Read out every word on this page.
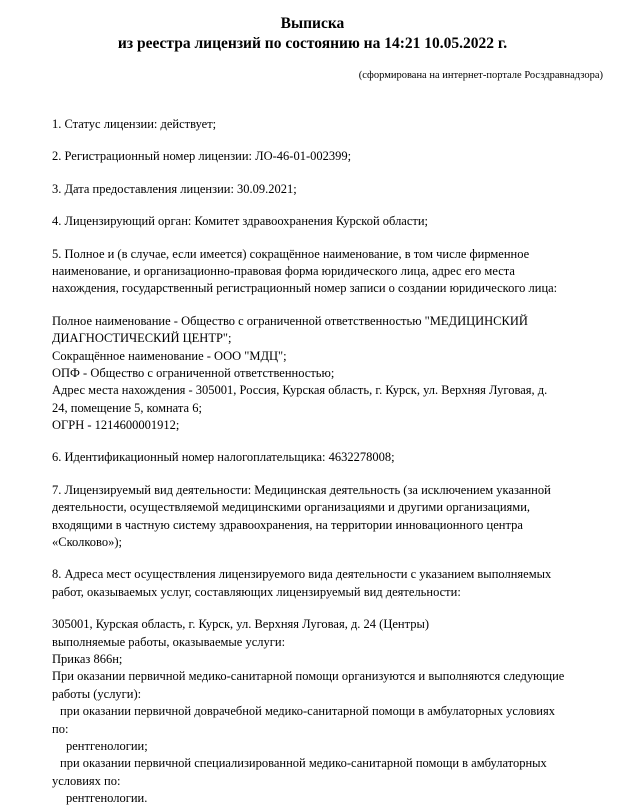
Выписка
из реестра лицензий по состоянию на 14:21 10.05.2022 г.
(сформирована на интернет-портале Росздравнадзора)
1. Статус лицензии: действует;
2. Регистрационный номер лицензии: ЛО-46-01-002399;
3. Дата предоставления лицензии: 30.09.2021;
4. Лицензирующий орган: Комитет здравоохранения Курской области;
5. Полное и (в случае, если имеется) сокращённое наименование, в том числе фирменное
наименование, и организационно-правовая форма юридического лица, адрес его места
нахождения, государственный регистрационный номер записи о создании юридического лица:
Полное наименование - Общество с ограниченной ответственностью "МЕДИЦИНСКИЙ
ДИАГНОСТИЧЕСКИЙ ЦЕНТР";
Сокращённое наименование - ООО "МДЦ";
ОПФ - Общество с ограниченной ответственностью;
Адрес места нахождения - 305001, Россия, Курская область, г. Курск, ул. Верхняя Луговая, д.
24, помещение 5, комната 6;
ОГРН - 1214600001912;
6. Идентификационный номер налогоплательщика: 4632278008;
7. Лицензируемый вид деятельности: Медицинская деятельность (за исключением указанной
деятельности, осуществляемой медицинскими организациями и другими организациями,
входящими в частную систему здравоохранения, на территории инновационного центра
«Сколково»);
8. Адреса мест осуществления лицензируемого вида деятельности с указанием выполняемых
работ, оказываемых услуг, составляющих лицензируемый вид деятельности:
305001, Курская область, г. Курск, ул. Верхняя Луговая, д. 24 (Центры)
выполняемые работы, оказываемые услуги:
Приказ 866н;
При оказании первичной медико-санитарной помощи организуются и выполняются следующие
работы (услуги):
при оказании первичной доврачебной медико-санитарной помощи в амбулаторных условиях
по:
рентгенологии;
при оказании первичной специализированной медико-санитарной помощи в амбулаторных
условиях по:
рентгенологии.
